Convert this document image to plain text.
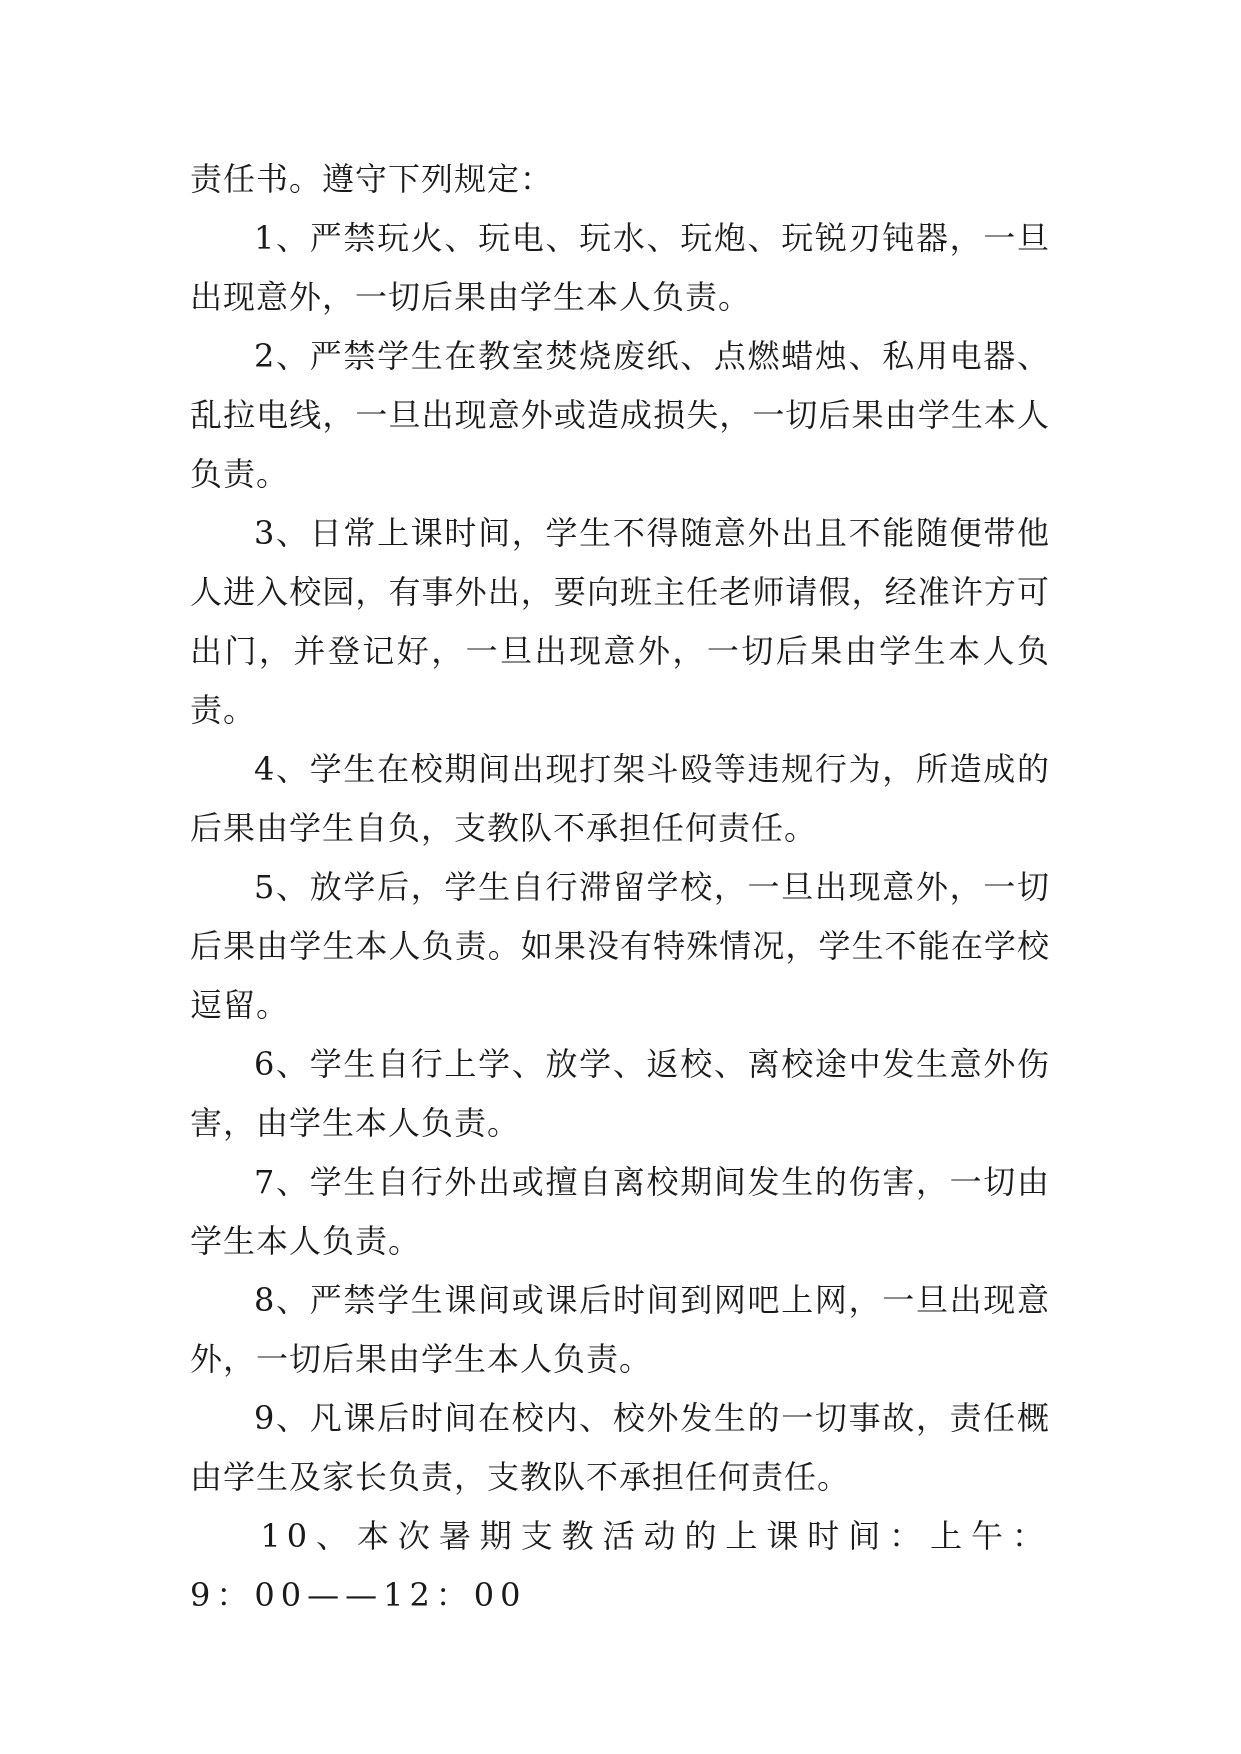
责任书。遵守下列规定：

1、严禁玩火、玩电、玩水、玩炮、玩锐刃钝器，一旦出现意外，一切后果由学生本人负责。

2、严禁学生在教室焚烧废纸、点燃蜡烛、私用电器、乱拉电线，一旦出现意外或造成损失，一切后果由学生本人负责。

3、日常上课时间，学生不得随意外出且不能随便带他人进入校园，有事外出，要向班主任老师请假，经准许方可出门，并登记好，一旦出现意外，一切后果由学生本人负责。

4、学生在校期间出现打架斗殴等违规行为，所造成的后果由学生自负，支教队不承担任何责任。

5、放学后，学生自行滞留学校，一旦出现意外，一切后果由学生本人负责。如果没有特殊情况，学生不能在学校逗留。

6、学生自行上学、放学、返校、离校途中发生意外伤害，由学生本人负责。

7、学生自行外出或擅自离校期间发生的伤害，一切由学生本人负责。

8、严禁学生课间或课后时间到网吧上网，一旦出现意外，一切后果由学生本人负责。

9、凡课后时间在校内、校外发生的一切事故，责任概由学生及家长负责，支教队不承担任何责任。

10、本次暑期支教活动的上课时间：上午：9：00——12：00
